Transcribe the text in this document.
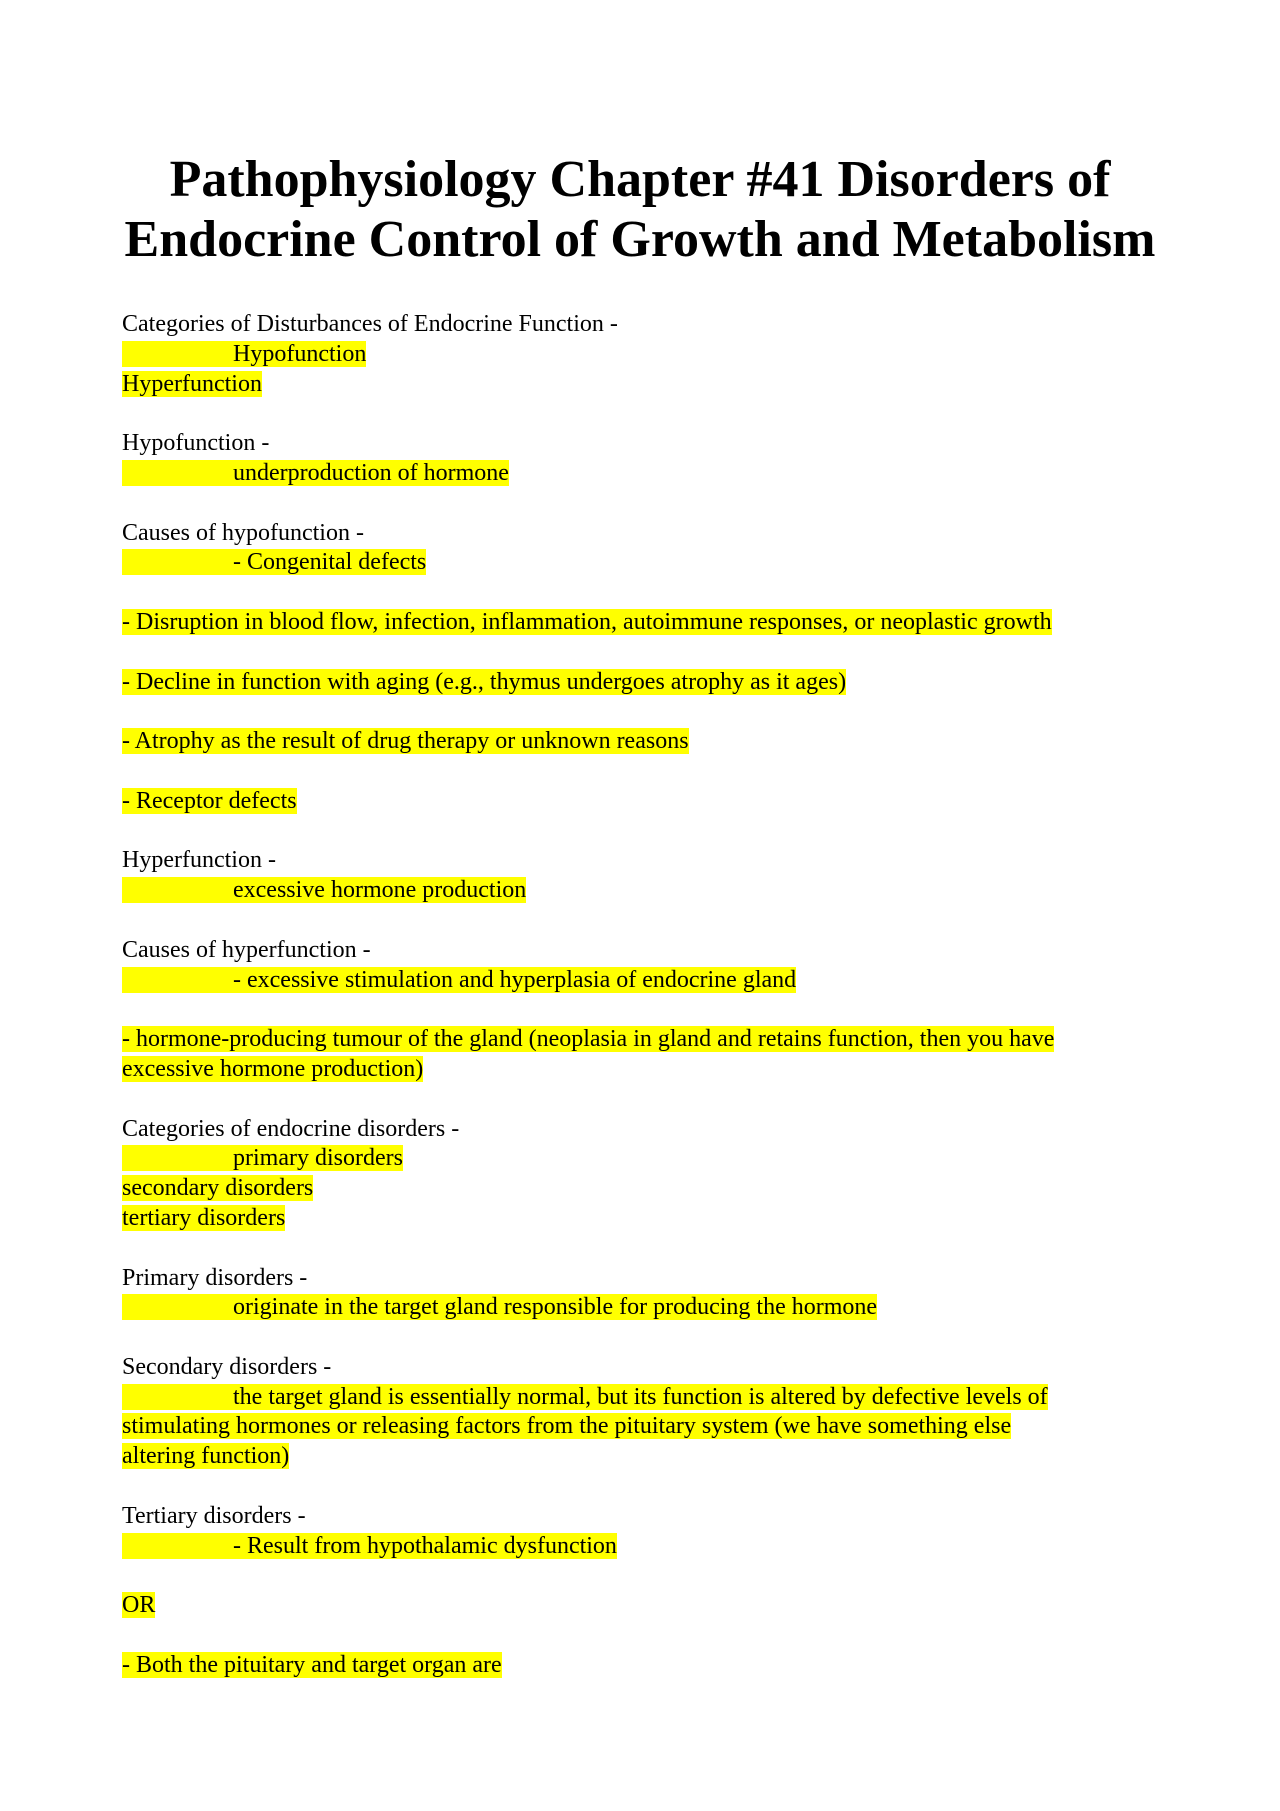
Pathophysiology Chapter #41 Disorders of
Endocrine Control of Growth and Metabolism
Categories of Disturbances of Endocrine Function -
Hypofunction
Hyperfunction
Hypofunction -
underproduction of hormone
Causes of hypofunction -
- Congenital defects
- Disruption in blood flow, infection, inflammation, autoimmune responses, or neoplastic growth
- Decline in function with aging (e.g., thymus undergoes atrophy as it ages)
- Atrophy as the result of drug therapy or unknown reasons
- Receptor defects
Hyperfunction -
excessive hormone production
Causes of hyperfunction -
- excessive stimulation and hyperplasia of endocrine gland
- hormone-producing tumour of the gland (neoplasia in gland and retains function, then you have
excessive hormone production)
Categories of endocrine disorders -
primary disorders
secondary disorders
tertiary disorders
Primary disorders -
originate in the target gland responsible for producing the hormone
Secondary disorders -
the target gland is essentially normal, but its function is altered by defective levels of
stimulating hormones or releasing factors from the pituitary system (we have something else
altering function)
Tertiary disorders -
- Result from hypothalamic dysfunction
OR
- Both the pituitary and target organ are
